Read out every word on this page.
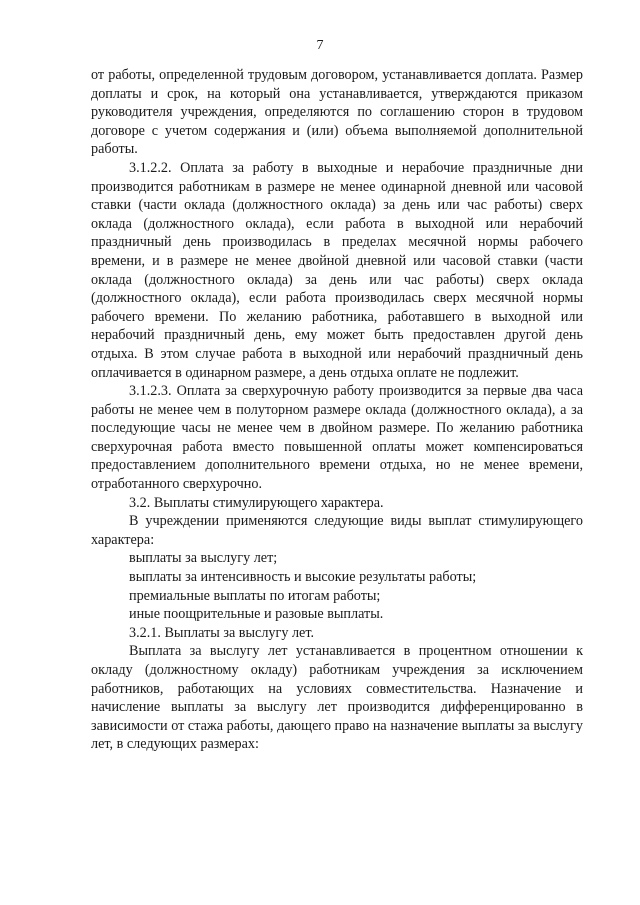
7

от работы, определенной трудовым договором, устанавливается доплата. Размер доплаты и срок, на который она устанавливается, утверждаются приказом руководителя учреждения, определяются по соглашению сторон в трудовом договоре с учетом содержания и (или) объема выполняемой дополнительной работы.

3.1.2.2. Оплата за работу в выходные и нерабочие праздничные дни производится работникам в размере не менее одинарной дневной или часовой ставки (части оклада (должностного оклада) за день или час работы) сверх оклада (должностного оклада), если работа в выходной или нерабочий праздничный день производилась в пределах месячной нормы рабочего времени, и в размере не менее двойной дневной или часовой ставки (части оклада (должностного оклада) за день или час работы) сверх оклада (должностного оклада), если работа производилась сверх месячной нормы рабочего времени. По желанию работника, работавшего в выходной или нерабочий праздничный день, ему может быть предоставлен другой день отдыха. В этом случае работа в выходной или нерабочий праздничный день оплачивается в одинарном размере, а день отдыха оплате не подлежит.

3.1.2.3. Оплата за сверхурочную работу производится за первые два часа работы не менее чем в полуторном размере оклада (должностного оклада), а за последующие часы не менее чем в двойном размере. По желанию работника сверхурочная работа вместо повышенной оплаты может компенсироваться предоставлением дополнительного времени отдыха, но не менее времени, отработанного сверхурочно.

3.2. Выплаты стимулирующего характера.

В учреждении применяются следующие виды выплат стимулирующего характера:

выплаты за выслугу лет;

выплаты за интенсивность и высокие результаты работы;

премиальные выплаты по итогам работы;

иные поощрительные и разовые выплаты.

3.2.1. Выплаты за выслугу лет.

Выплата за выслугу лет устанавливается в процентном отношении к окладу (должностному окладу) работникам учреждения за исключением работников, работающих на условиях совместительства. Назначение и начисление выплаты за выслугу лет производится дифференцированно в зависимости от стажа работы, дающего право на назначение выплаты за выслугу лет, в следующих размерах:
